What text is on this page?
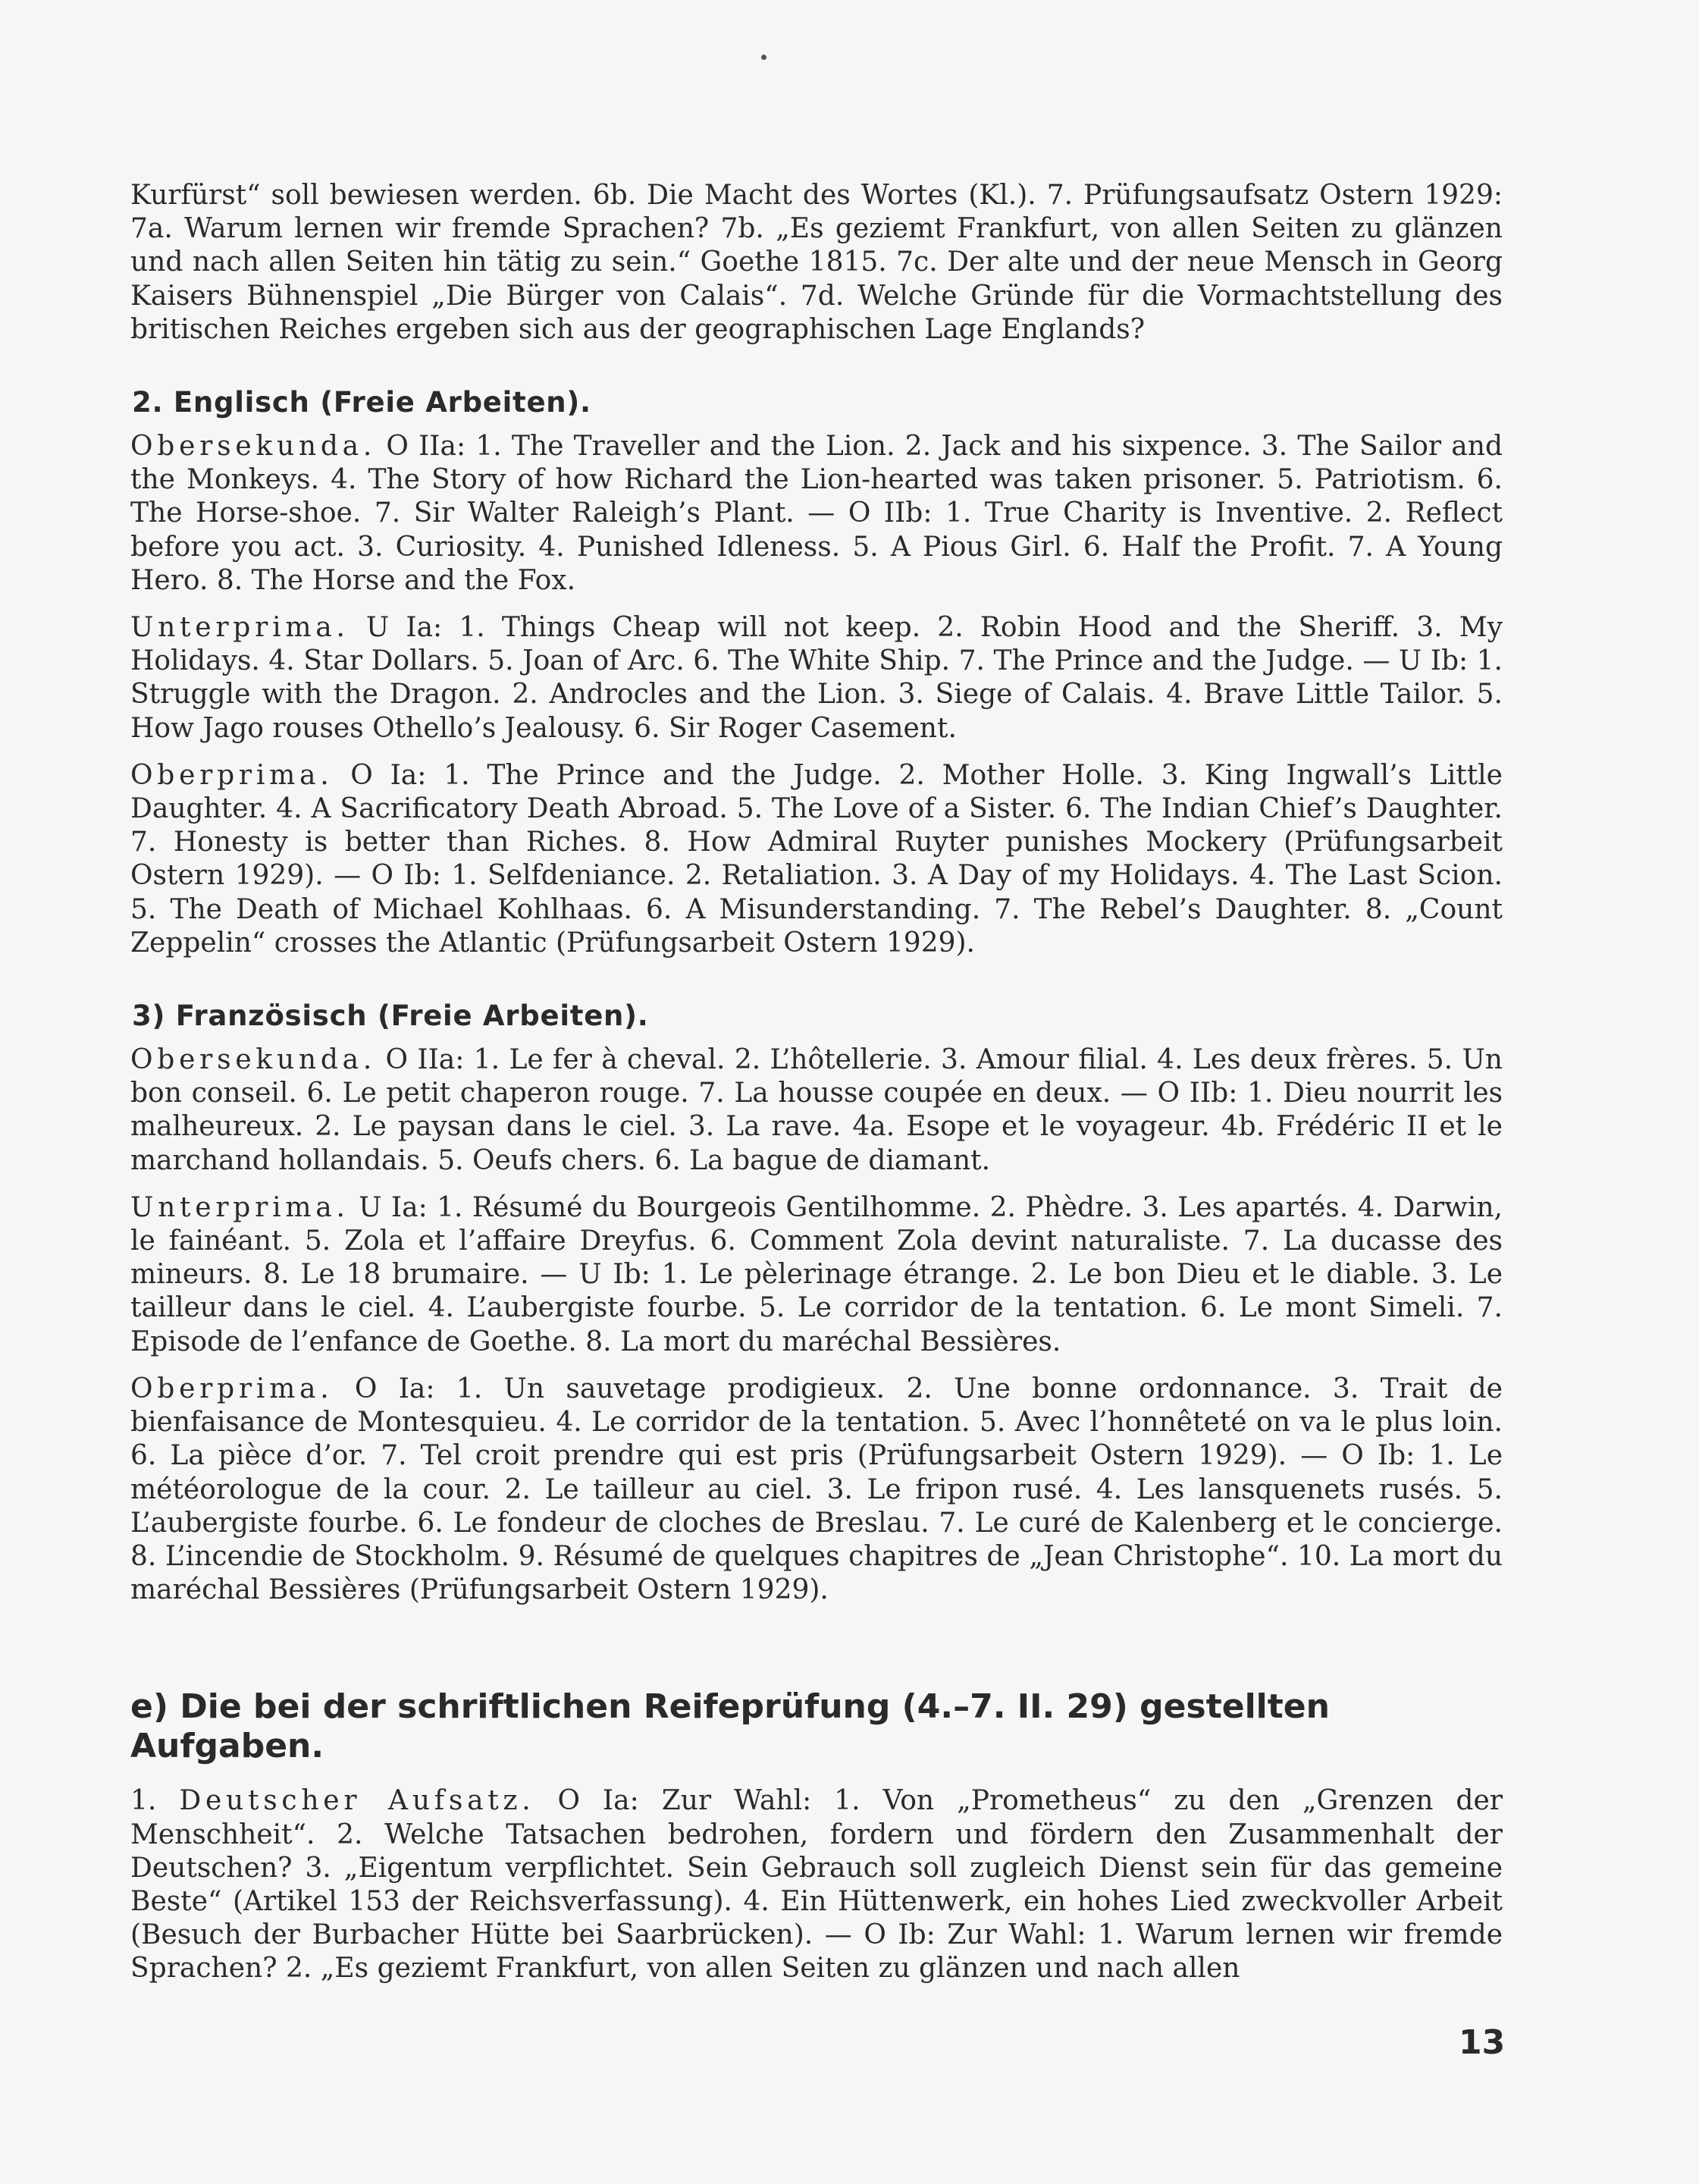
Kurfürst“ soll bewiesen werden. 6b. Die Macht des Wortes (Kl.). 7. Prüfungsaufsatz Ostern 1929: 7a. Warum lernen wir fremde Sprachen? 7b. „Es geziemt Frankfurt, von allen Seiten zu glänzen und nach allen Seiten hin tätig zu sein.“ Goethe 1815. 7c. Der alte und der neue Mensch in Georg Kaisers Bühnenspiel „Die Bürger von Calais“. 7d. Welche Gründe für die Vormachtstellung des britischen Reiches ergeben sich aus der geographischen Lage Englands?

2. Englisch (Freie Arbeiten).

Obersekunda. O IIa: 1. The Traveller and the Lion. 2. Jack and his sixpence. 3. The Sailor and the Monkeys. 4. The Story of how Richard the Lion-hearted was taken prisoner. 5. Patriotism. 6. The Horse-shoe. 7. Sir Walter Raleigh’s Plant. — O IIb: 1. True Charity is Inventive. 2. Reflect before you act. 3. Curiosity. 4. Punished Idleness. 5. A Pious Girl. 6. Half the Profit. 7. A Young Hero. 8. The Horse and the Fox.

Unterprima. U Ia: 1. Things Cheap will not keep. 2. Robin Hood and the Sheriff. 3. My Holidays. 4. Star Dollars. 5. Joan of Arc. 6. The White Ship. 7. The Prince and the Judge. — U Ib: 1. Struggle with the Dragon. 2. Androcles and the Lion. 3. Siege of Calais. 4. Brave Little Tailor. 5. How Jago rouses Othello’s Jealousy. 6. Sir Roger Casement.

Oberprima. O Ia: 1. The Prince and the Judge. 2. Mother Holle. 3. King Ingwall’s Little Daughter. 4. A Sacrificatory Death Abroad. 5. The Love of a Sister. 6. The Indian Chief’s Daughter. 7. Honesty is better than Riches. 8. How Admiral Ruyter punishes Mockery (Prüfungsarbeit Ostern 1929). — O Ib: 1. Selfdeniance. 2. Retaliation. 3. A Day of my Holidays. 4. The Last Scion. 5. The Death of Michael Kohlhaas. 6. A Misunderstanding. 7. The Rebel’s Daughter. 8. „Count Zeppelin“ crosses the Atlantic (Prüfungsarbeit Ostern 1929).

3) Französisch (Freie Arbeiten).

Obersekunda. O IIa: 1. Le fer à cheval. 2. L’hôtellerie. 3. Amour filial. 4. Les deux frères. 5. Un bon conseil. 6. Le petit chaperon rouge. 7. La housse coupée en deux. — O IIb: 1. Dieu nourrit les malheureux. 2. Le paysan dans le ciel. 3. La rave. 4a. Esope et le voyageur. 4b. Frédéric II et le marchand hollandais. 5. Oeufs chers. 6. La bague de diamant.

Unterprima. U Ia: 1. Résumé du Bourgeois Gentilhomme. 2. Phèdre. 3. Les apartés. 4. Darwin, le fainéant. 5. Zola et l’affaire Dreyfus. 6. Comment Zola devint naturaliste. 7. La ducasse des mineurs. 8. Le 18 brumaire. — U Ib: 1. Le pèlerinage étrange. 2. Le bon Dieu et le diable. 3. Le tailleur dans le ciel. 4. L’aubergiste fourbe. 5. Le corridor de la tentation. 6. Le mont Simeli. 7. Episode de l’enfance de Goethe. 8. La mort du maréchal Bessières.

Oberprima. O Ia: 1. Un sauvetage prodigieux. 2. Une bonne ordonnance. 3. Trait de bienfaisance de Montesquieu. 4. Le corridor de la tentation. 5. Avec l’honnêteté on va le plus loin. 6. La pièce d’or. 7. Tel croit prendre qui est pris (Prüfungsarbeit Ostern 1929). — O Ib: 1. Le météorologue de la cour. 2. Le tailleur au ciel. 3. Le fripon rusé. 4. Les lansquenets rusés. 5. L’aubergiste fourbe. 6. Le fondeur de cloches de Breslau. 7. Le curé de Kalenberg et le concierge. 8. L’incendie de Stockholm. 9. Résumé de quelques chapitres de „Jean Christophe“. 10. La mort du maréchal Bessières (Prüfungsarbeit Ostern 1929).

e) Die bei der schriftlichen Reifeprüfung (4.–7. II. 29) gestellten Aufgaben.

1. Deutscher Aufsatz. O Ia: Zur Wahl: 1. Von „Prometheus“ zu den „Grenzen der Menschheit“. 2. Welche Tatsachen bedrohen, fordern und fördern den Zusammenhalt der Deutschen? 3. „Eigentum verpflichtet. Sein Gebrauch soll zugleich Dienst sein für das gemeine Beste“ (Artikel 153 der Reichsverfassung). 4. Ein Hüttenwerk, ein hohes Lied zweckvoller Arbeit (Besuch der Burbacher Hütte bei Saarbrücken). — O Ib: Zur Wahl: 1. Warum lernen wir fremde Sprachen? 2. „Es geziemt Frankfurt, von allen Seiten zu glänzen und nach allen

13
